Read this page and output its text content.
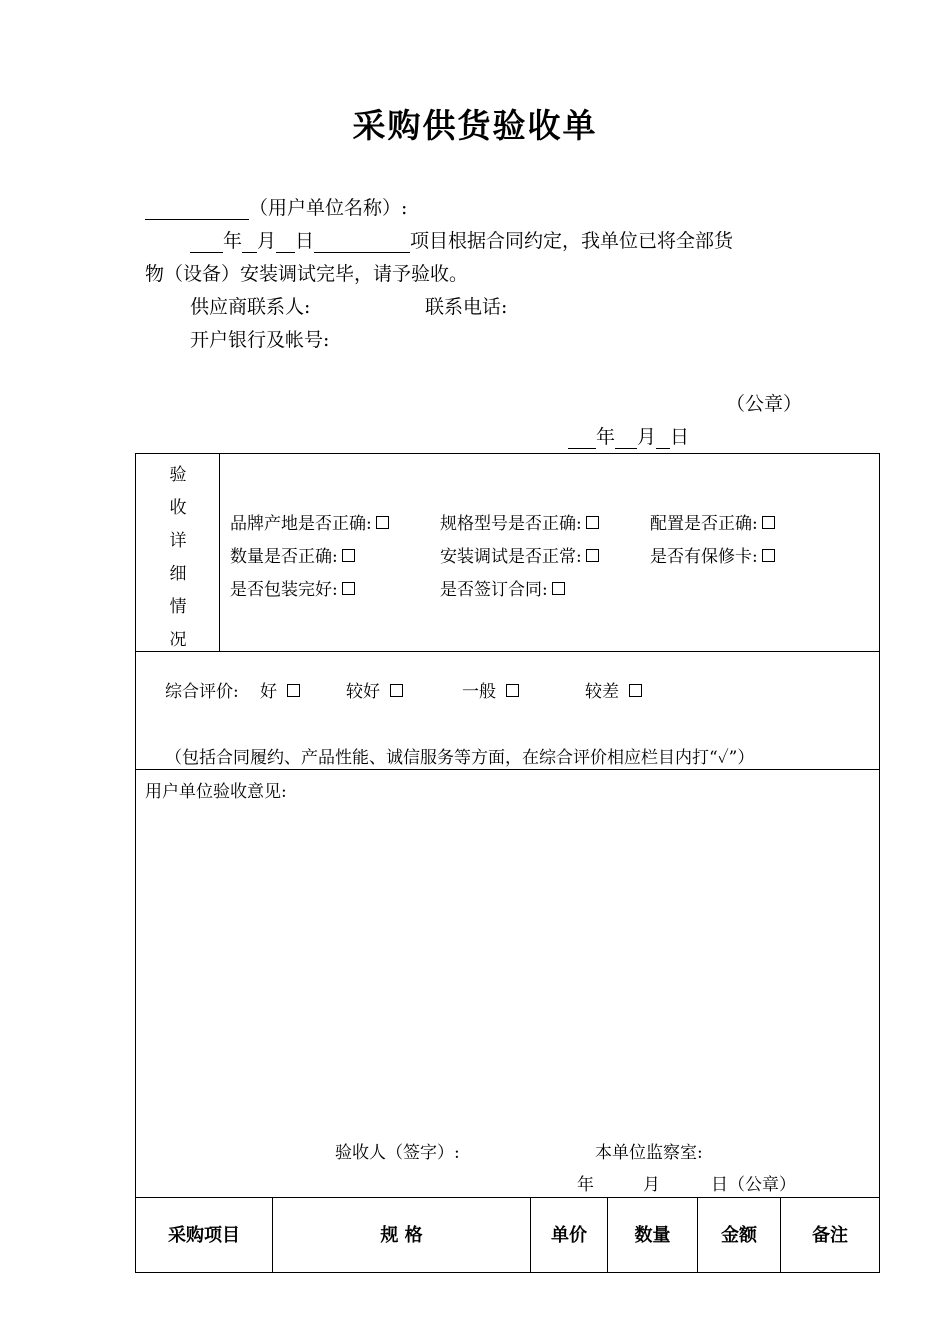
采购供货验收单
（用户单位名称）:
年 月 日	项目根据合同约定，我单位已将全部货
物（设备）安装调试完毕，请予验收。
供应商联系人:	联系电话:
开户银行及帐号:
（公章）
年 月 日
验
收
详
细
情
况
品牌产地是否正确:	规格型号是否正确:	配置是否正确:
数量是否正确:	安装调试是否正常:	是否有保修卡:
是否包装完好:	是否签订合同:
综合评价: 好	较好	一般	较差
（包括合同履约、产品性能、诚信服务等方面，在综合评价相应栏目内打“✓”）
用户单位验收意见:
验收人（签字）:	本单位监察室:
年	月	日（公章）
采购项目	规 格	单价	数量	金额	备注
